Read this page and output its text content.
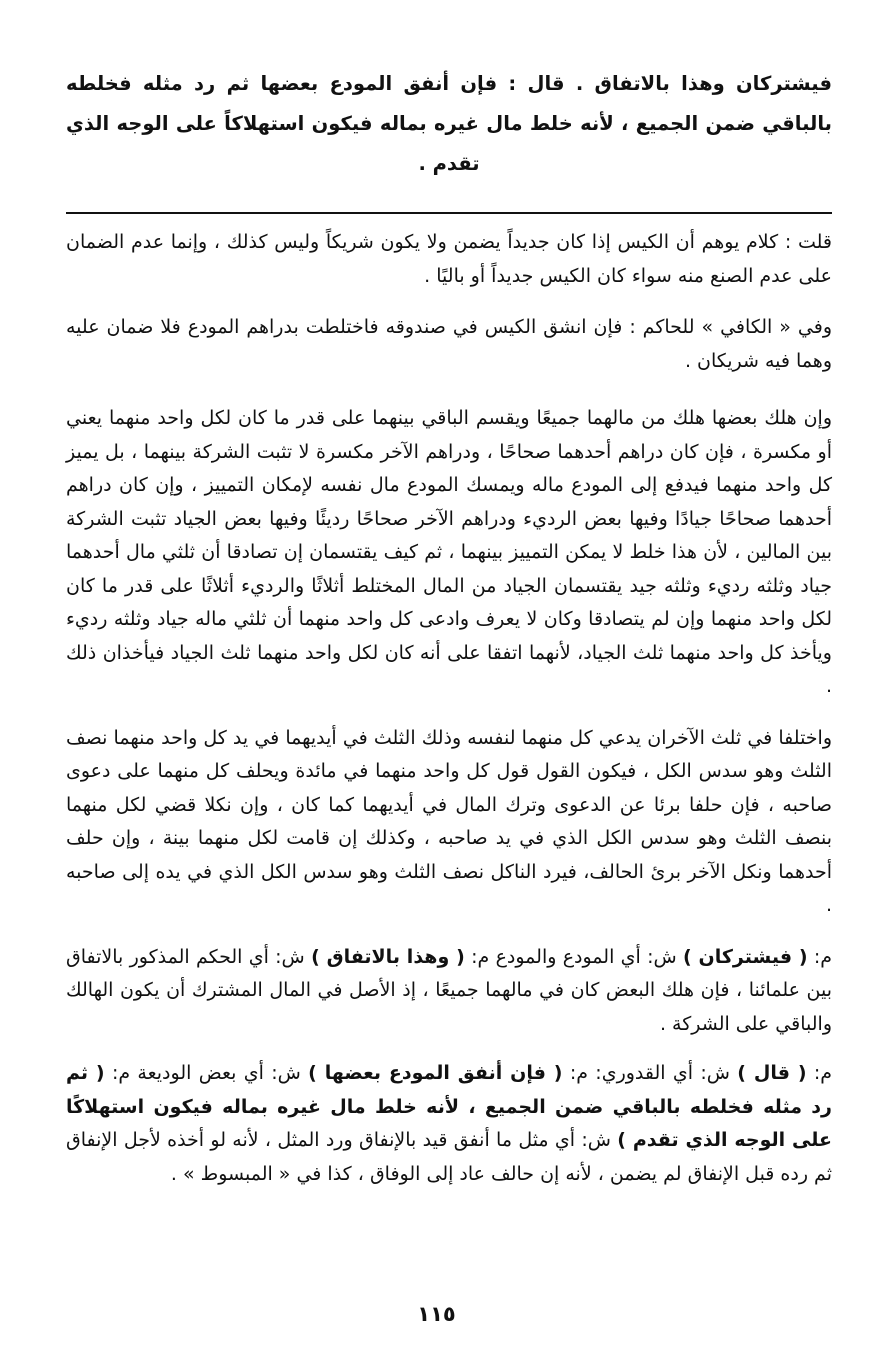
فيشتركان وهذا بالاتفاق . قال : فإن أنفق المودع بعضها ثم رد مثله فخلطه بالباقي ضمن الجميع ، لأنه خلط مال غيره بماله فيكون استهلاكاً على الوجه الذي تقدم .

قلت : كلام يوهم أن الكيس إذا كان جديداً يضمن ولا يكون شريكاً وليس كذلك ، وإنما عدم الضمان على عدم الصنع منه سواء كان الكيس جديداً أو باليًا .

وفي « الكافي » للحاكم : فإن انشق الكيس في صندوقه فاختلطت بدراهم المودع فلا ضمان عليه وهما فيه شريكان .

وإن هلك بعضها هلك من مالهما جميعًا ويقسم الباقي بينهما على قدر ما كان لكل واحد منهما يعني أو مكسرة ، فإن كان دراهم أحدهما صحاحًا ، ودراهم الآخر مكسرة لا تثبت الشركة بينهما ، بل يميز كل واحد منهما فيدفع إلى المودع ماله ويمسك المودع مال نفسه لإمكان التمييز ، وإن كان دراهم أحدهما صحاحًا جيادًا وفيها بعض الرديء ودراهم الآخر صحاحًا رديئًا وفيها بعض الجياد تثبت الشركة بين المالين ، لأن هذا خلط لا يمكن التمييز بينهما ، ثم كيف يقتسمان إن تصادقا أن ثلثي مال أحدهما جياد وثلثه رديء وثلثه جيد يقتسمان الجياد من المال المختلط أثلاثًا والرديء أثلاثًا على قدر ما كان لكل واحد منهما وإن لم يتصادقا وكان لا يعرف وادعى كل واحد منهما أن ثلثي ماله جياد وثلثه رديء ويأخذ كل واحد منهما ثلث الجياد، لأنهما اتفقا على أنه كان لكل واحد منهما ثلث الجياد فيأخذان ذلك .

واختلفا في ثلث الآخران يدعي كل منهما لنفسه وذلك الثلث في أيديهما في يد كل واحد منهما نصف الثلث وهو سدس الكل ، فيكون القول قول كل واحد منهما في مائدة ويحلف كل منهما على دعوى صاحبه ، فإن حلفا برئا عن الدعوى وترك المال في أيديهما كما كان ، وإن نكلا قضي لكل منهما بنصف الثلث وهو سدس الكل الذي في يد صاحبه ، وكذلك إن قامت لكل منهما بينة ، وإن حلف أحدهما ونكل الآخر برئ الحالف، فيرد الناكل نصف الثلث وهو سدس الكل الذي في يده إلى صاحبه .

م: ( فيشتركان ) ش: أي المودع والمودع م: ( وهذا بالاتفاق ) ش: أي الحكم المذكور بالاتفاق بين علمائنا ، فإن هلك البعض كان في مالهما جميعًا ، إذ الأصل في المال المشترك أن يكون الهالك والباقي على الشركة .

م: ( قال ) ش: أي القدوري: م: ( فإن أنفق المودع بعضها ) ش: أي بعض الوديعة م: ( ثم رد مثله فخلطه بالباقي ضمن الجميع ، لأنه خلط مال غيره بماله فيكون استهلاكًا على الوجه الذي تقدم ) ش: أي مثل ما أنفق قيد بالإنفاق ورد المثل ، لأنه لو أخذه لأجل الإنفاق ثم رده قبل الإنفاق لم يضمن ، لأنه إن حالف عاد إلى الوفاق ، كذا في « المبسوط » .

١١٥
